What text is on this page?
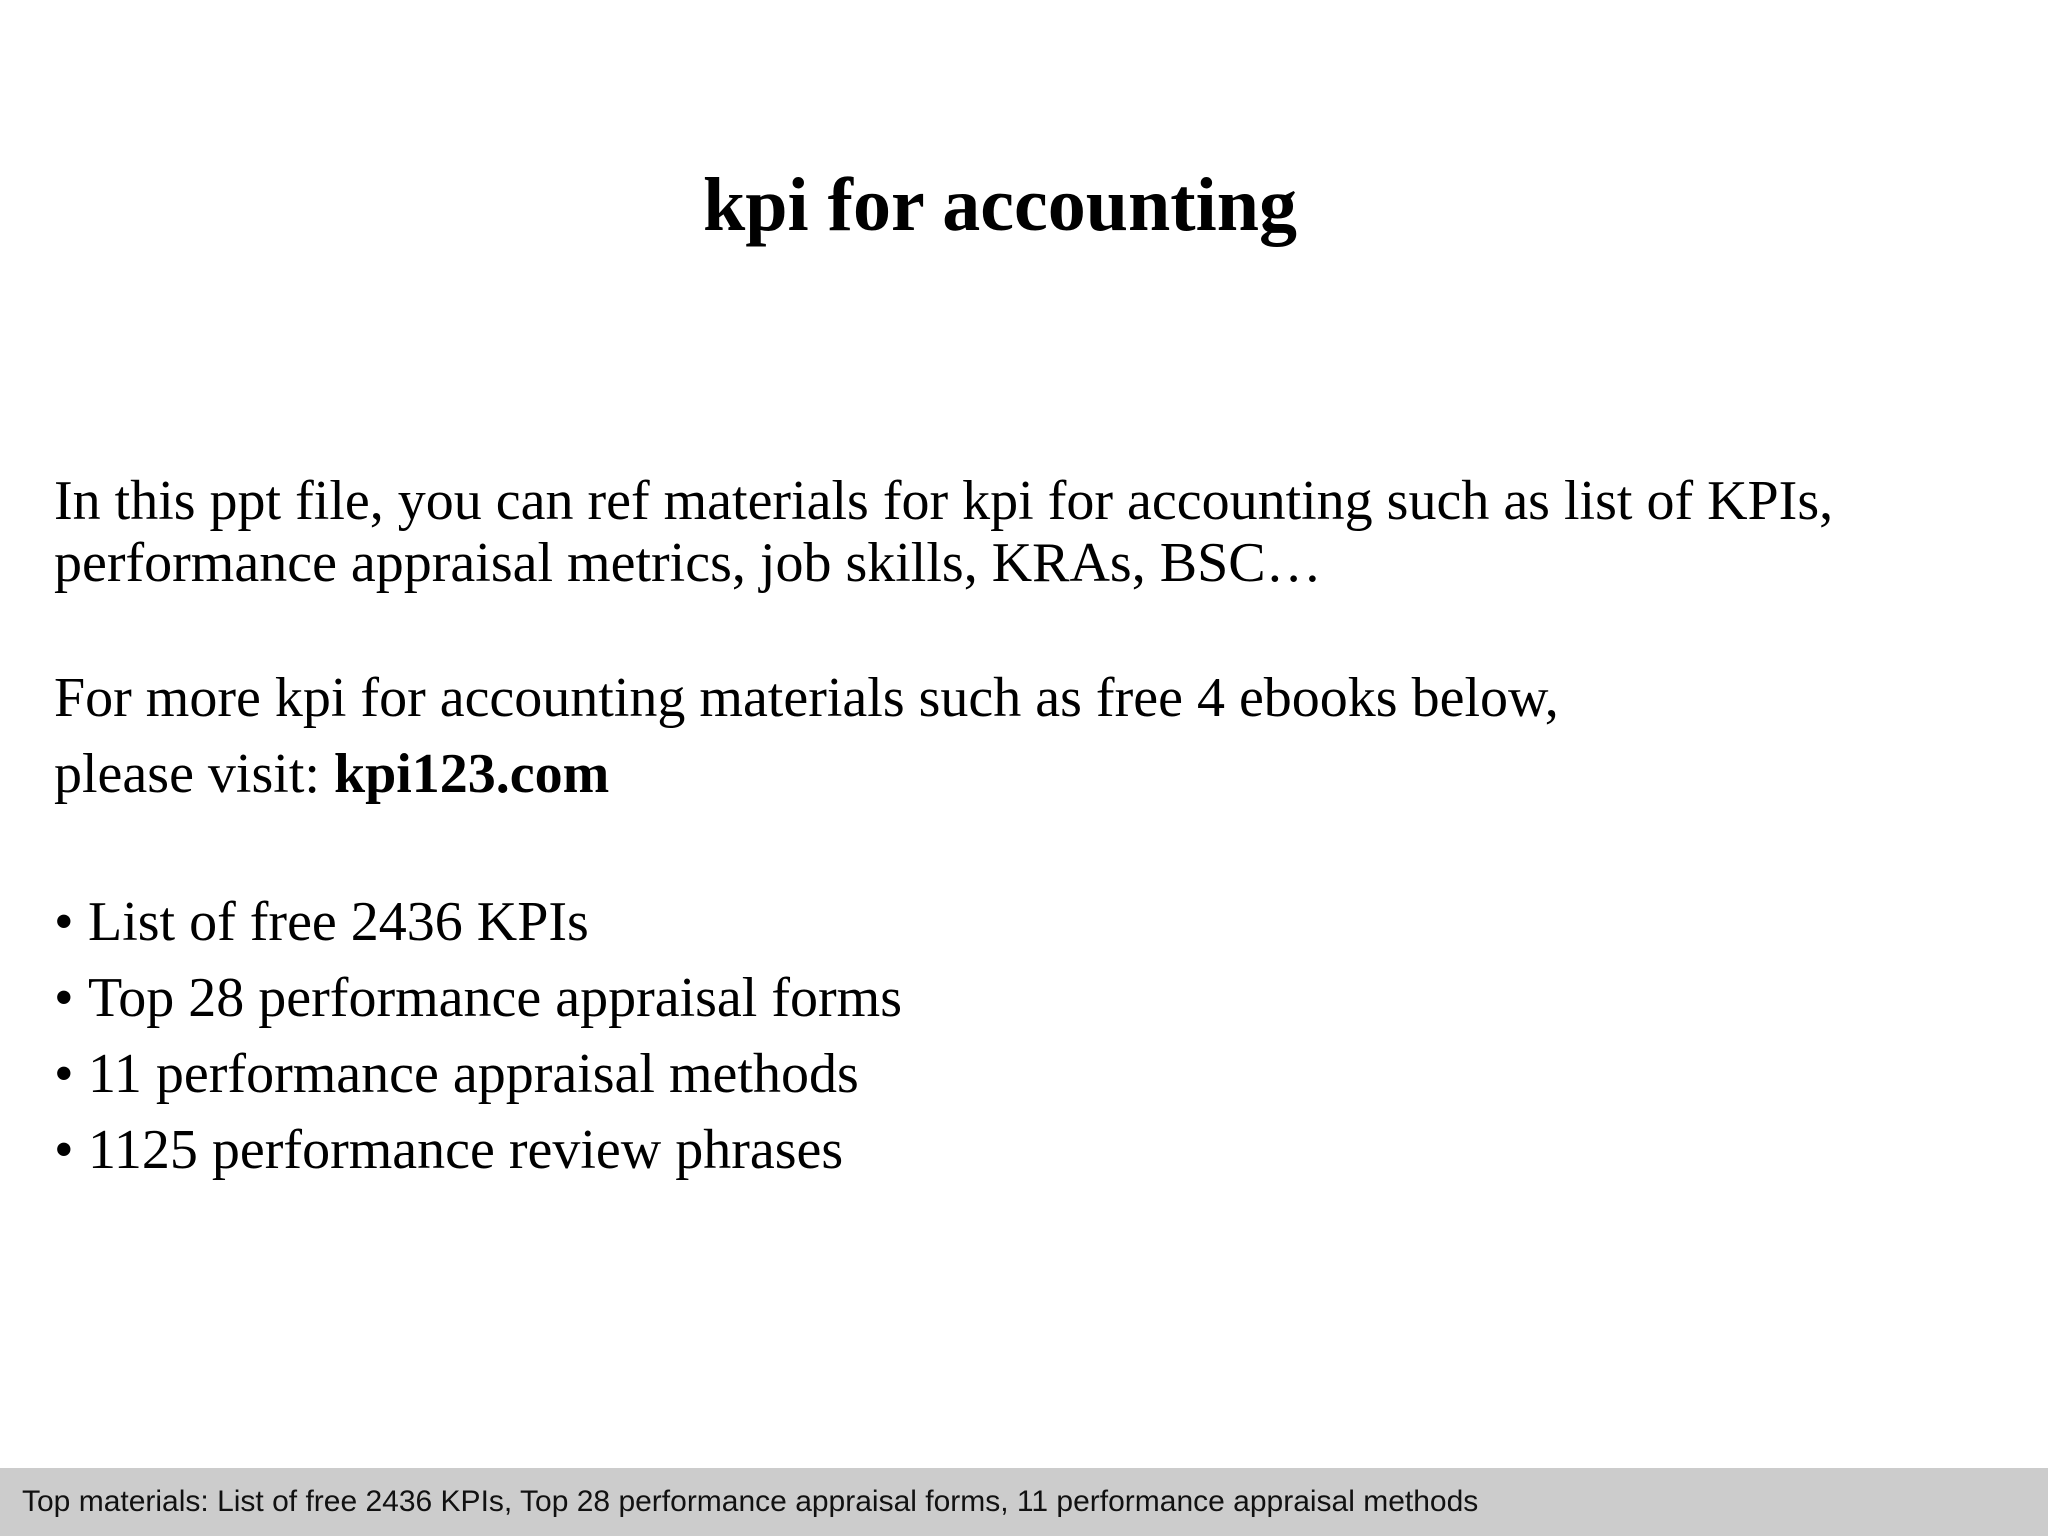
kpi for accounting

In this ppt file, you can ref materials for kpi for accounting such as list of KPIs, performance appraisal metrics, job skills, KRAs, BSC…

For more kpi for accounting materials such as free 4 ebooks below,
please visit: kpi123.com

• List of free 2436 KPIs
• Top 28 performance appraisal forms
• 11 performance appraisal methods
• 1125 performance review phrases
Top materials: List of free 2436 KPIs, Top 28 performance appraisal forms, 11 performance appraisal methods
